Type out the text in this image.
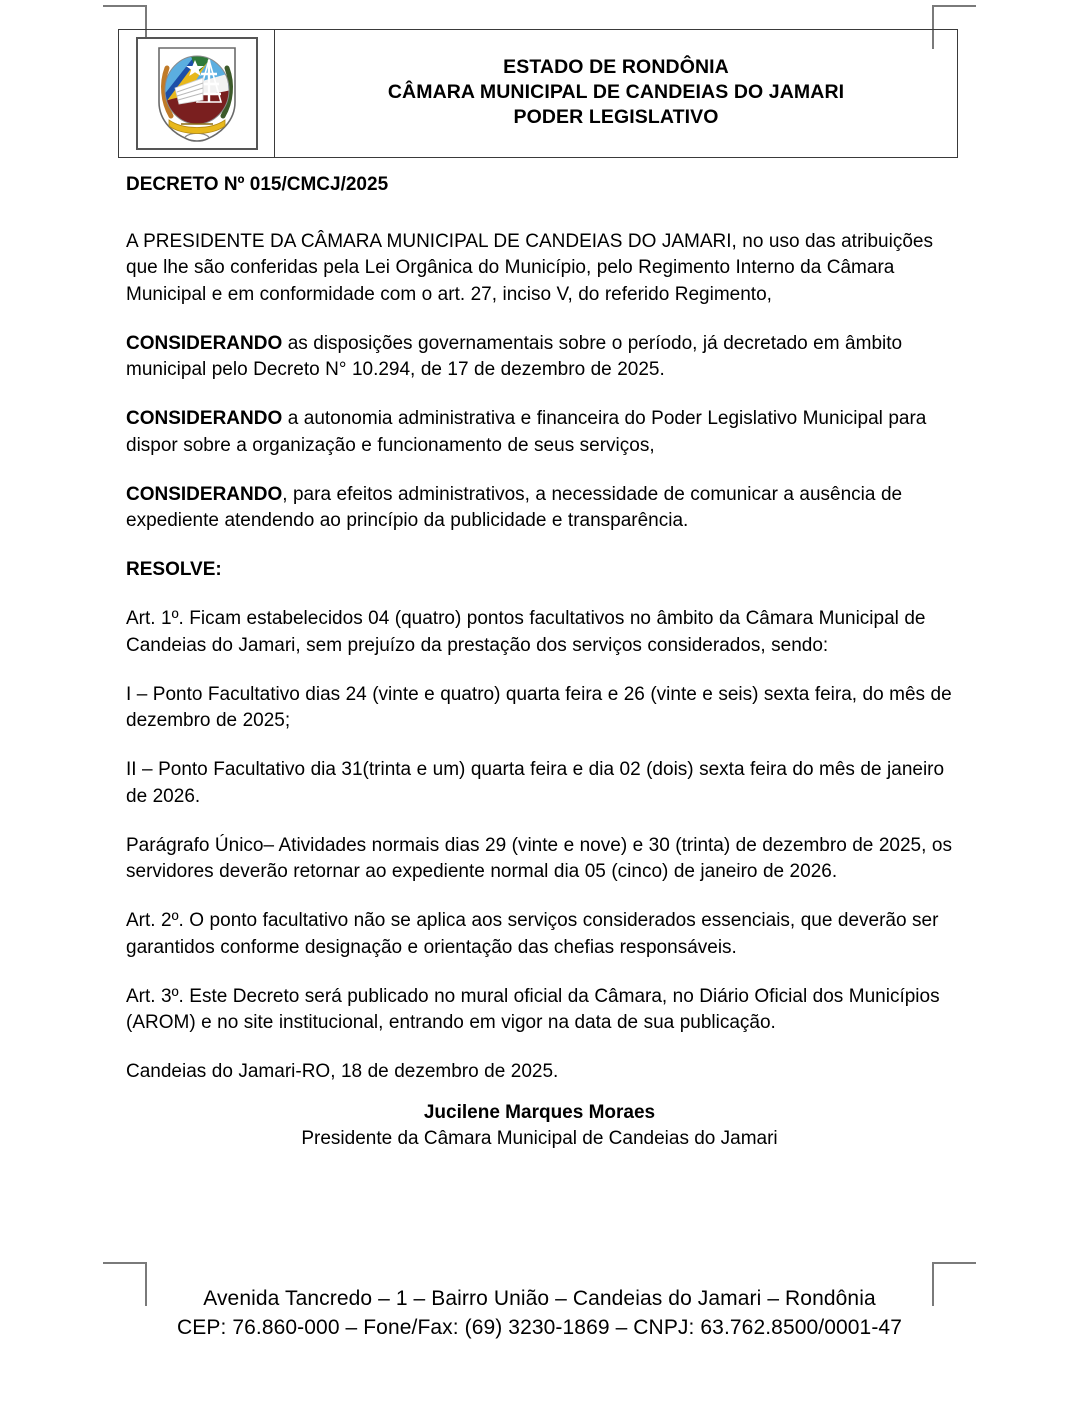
ESTADO DE RONDÔNIA
CÂMARA MUNICIPAL DE CANDEIAS DO JAMARI
PODER LEGISLATIVO
DECRETO Nº 015/CMCJ/2025

A PRESIDENTE DA CÂMARA MUNICIPAL DE CANDEIAS DO JAMARI, no uso das atribuições que lhe são conferidas pela Lei Orgânica do Município, pelo Regimento Interno da Câmara Municipal e em conformidade com o art. 27, inciso V, do referido Regimento,

CONSIDERANDO as disposições governamentais sobre o período, já decretado em âmbito municipal pelo Decreto N° 10.294, de 17 de dezembro de 2025.

CONSIDERANDO a autonomia administrativa e financeira do Poder Legislativo Municipal para dispor sobre a organização e funcionamento de seus serviços,

CONSIDERANDO, para efeitos administrativos, a necessidade de comunicar a ausência de expediente atendendo ao princípio da publicidade e transparência.

RESOLVE:

Art. 1º. Ficam estabelecidos 04 (quatro) pontos facultativos no âmbito da Câmara Municipal de Candeias do Jamari, sem prejuízo da prestação dos serviços considerados, sendo:

I – Ponto Facultativo dias 24 (vinte e quatro) quarta feira e 26 (vinte e seis) sexta feira, do mês de dezembro de 2025;

II – Ponto Facultativo dia 31(trinta e um) quarta feira e dia 02 (dois) sexta feira do mês de janeiro de 2026.

Parágrafo Único– Atividades normais dias 29 (vinte e nove) e 30 (trinta) de dezembro de 2025, os servidores deverão retornar ao expediente normal dia 05 (cinco) de janeiro de 2026.

Art. 2º. O ponto facultativo não se aplica aos serviços considerados essenciais, que deverão ser garantidos conforme designação e orientação das chefias responsáveis.

Art. 3º. Este Decreto será publicado no mural oficial da Câmara, no Diário Oficial dos Municípios (AROM) e no site institucional, entrando em vigor na data de sua publicação.

Candeias do Jamari-RO, 18 de dezembro de 2025.

Jucilene Marques Moraes
Presidente da Câmara Municipal de Candeias do Jamari
Avenida Tancredo – 1 – Bairro União – Candeias do Jamari – Rondônia
CEP: 76.860-000 – Fone/Fax: (69) 3230-1869 – CNPJ: 63.762.8500/0001-47
